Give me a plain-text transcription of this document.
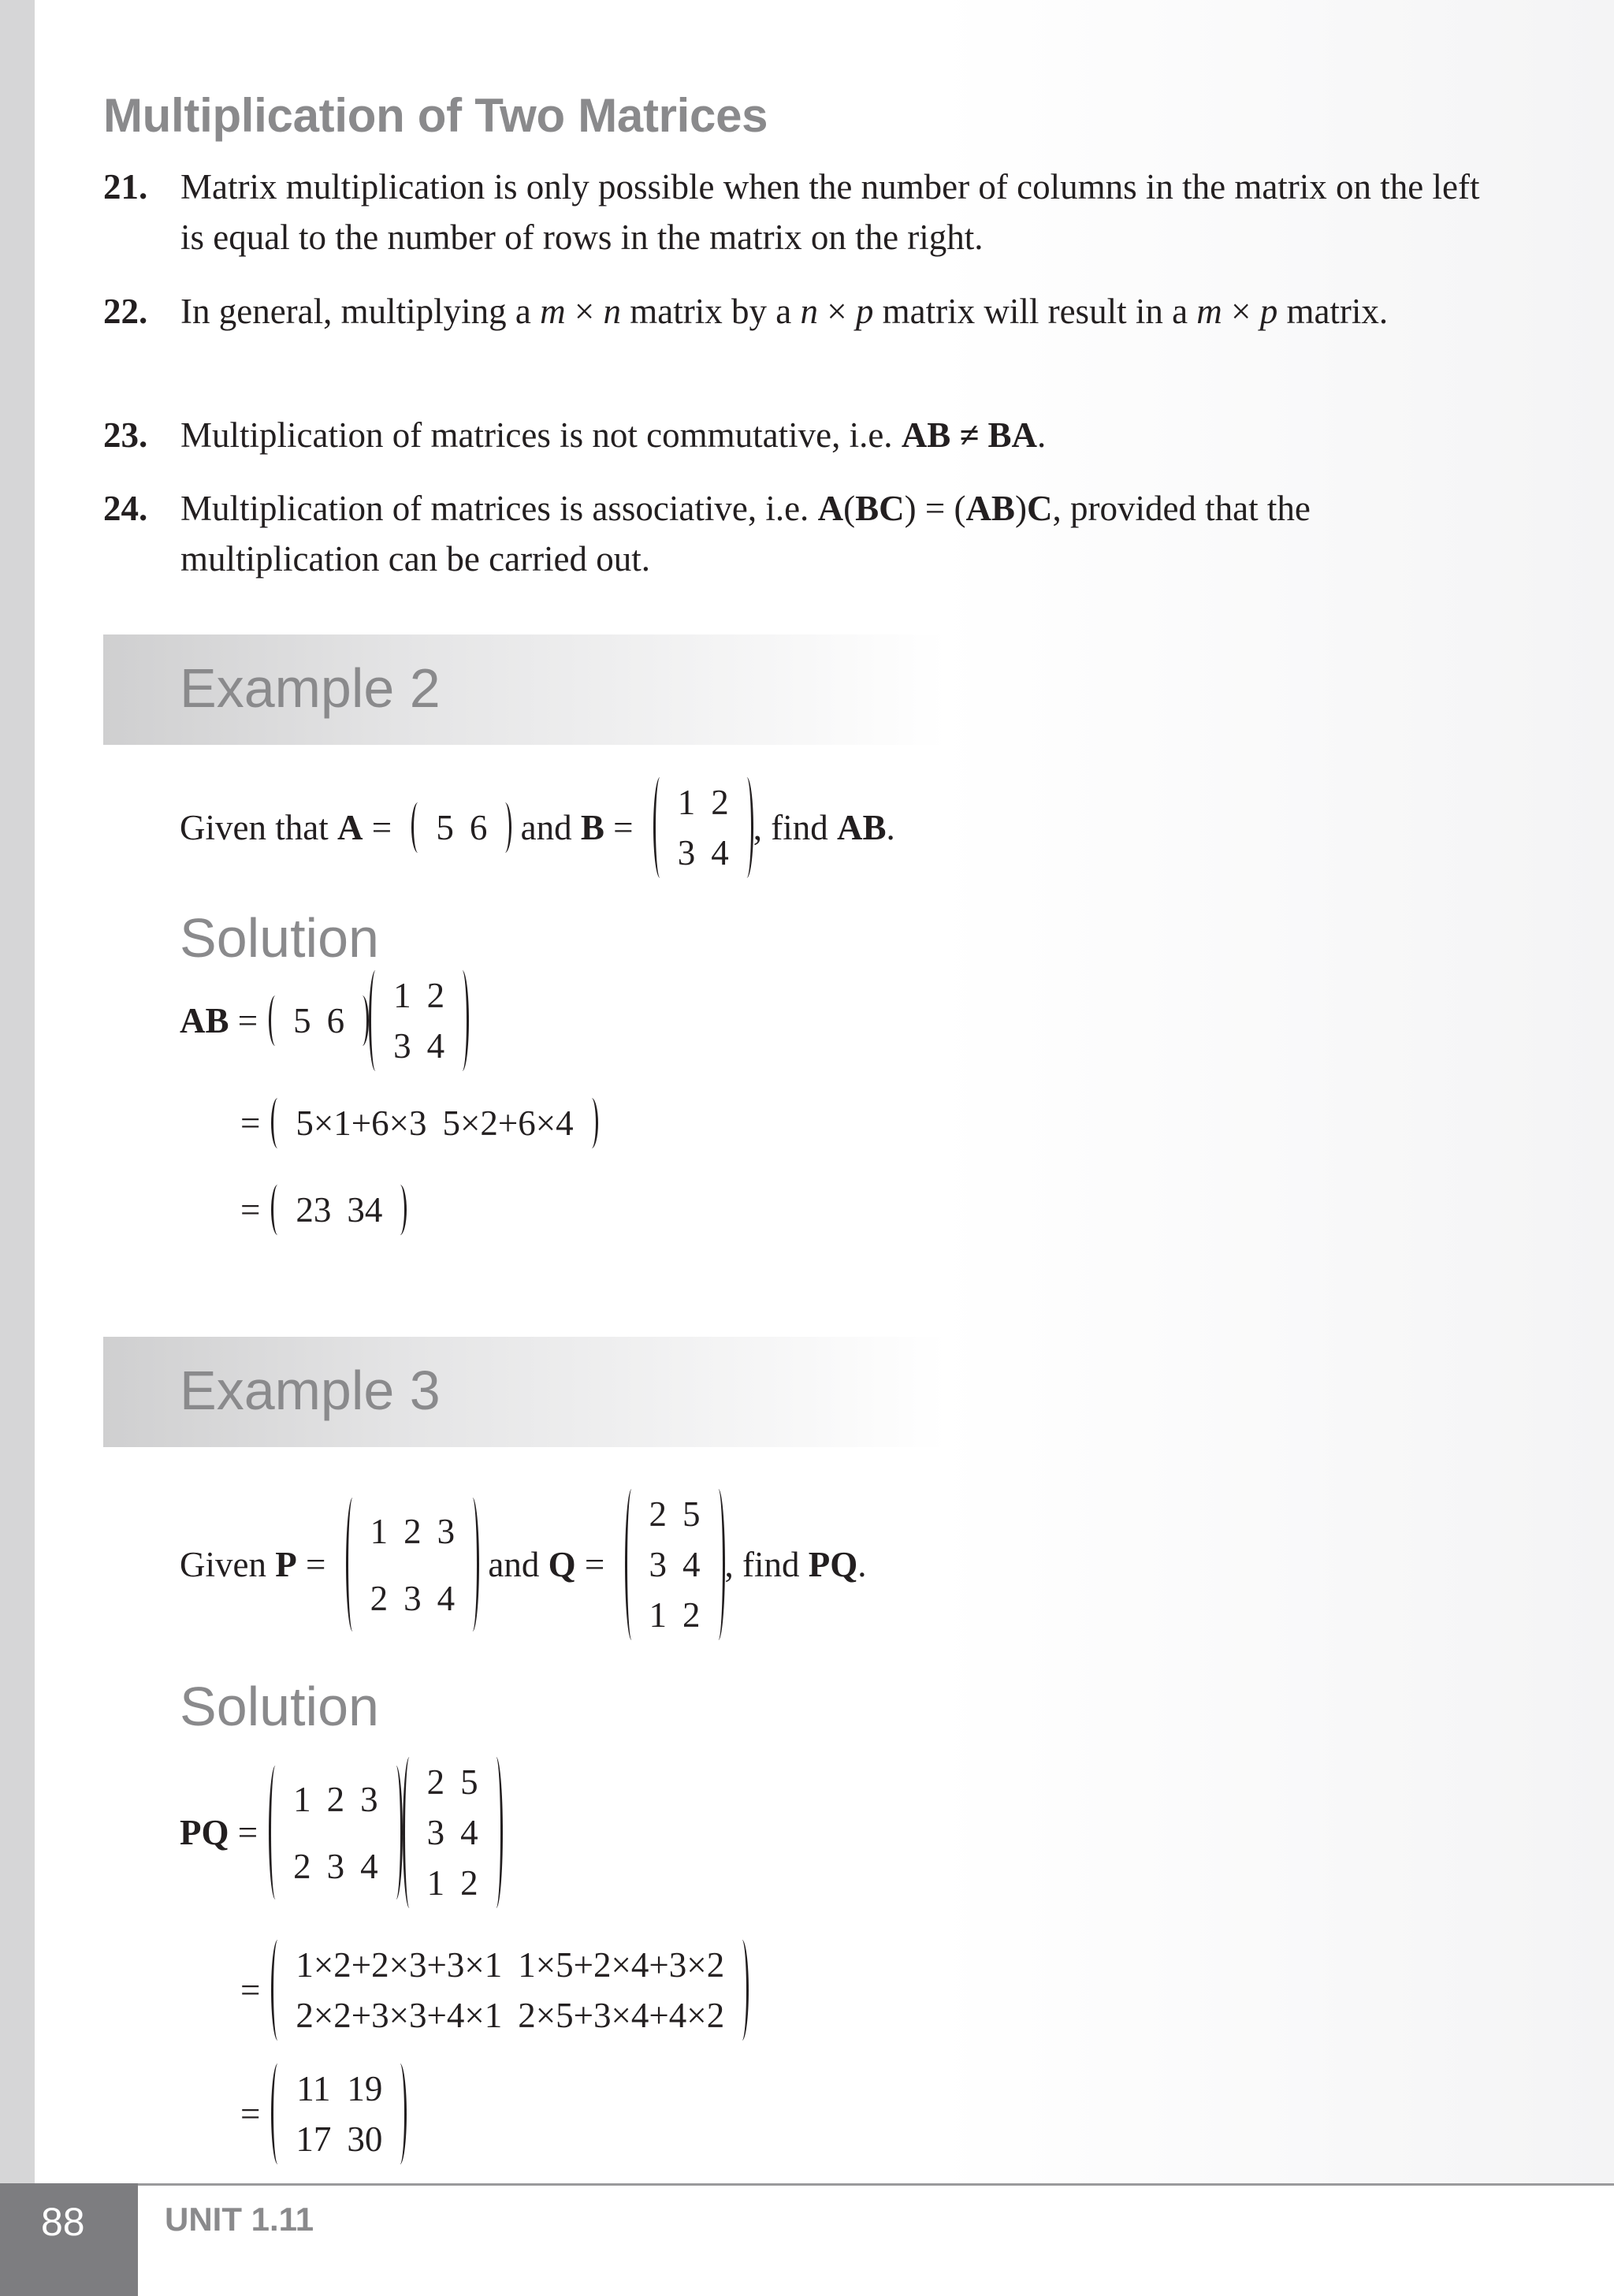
Multiplication of Two Matrices
21. Matrix multiplication is only possible when the number of columns in the matrix on the left is equal to the number of rows in the matrix on the right.
22. In general, multiplying a m × n matrix by a n × p matrix will result in a m × p matrix.
23. Multiplication of matrices is not commutative, i.e. AB ≠ BA.
24. Multiplication of matrices is associative, i.e. A(BC) = (AB)C, provided that the multiplication can be carried out.
Example 2
Given that A = 5	6 and B =
1	2
3	4
, find AB .
Solution
AB
= 5	6
1	2
3	4
= 5×1+6×3	5×2+6×4
= 23	34
Example 3
Given P =
1	2	3
2	3	4
and Q =
2	5
3	4
1	2
, find PQ .
Solution
PQ
=
1	2	3
2	3	4
2	5
3	4
1	2
=
1×2+2×3+3×1	1×5+2×4+3×2
2×2+3×3+4×1	2×5+3×4+4×2
=
11	19
17	30
88 UNIT 1.11
